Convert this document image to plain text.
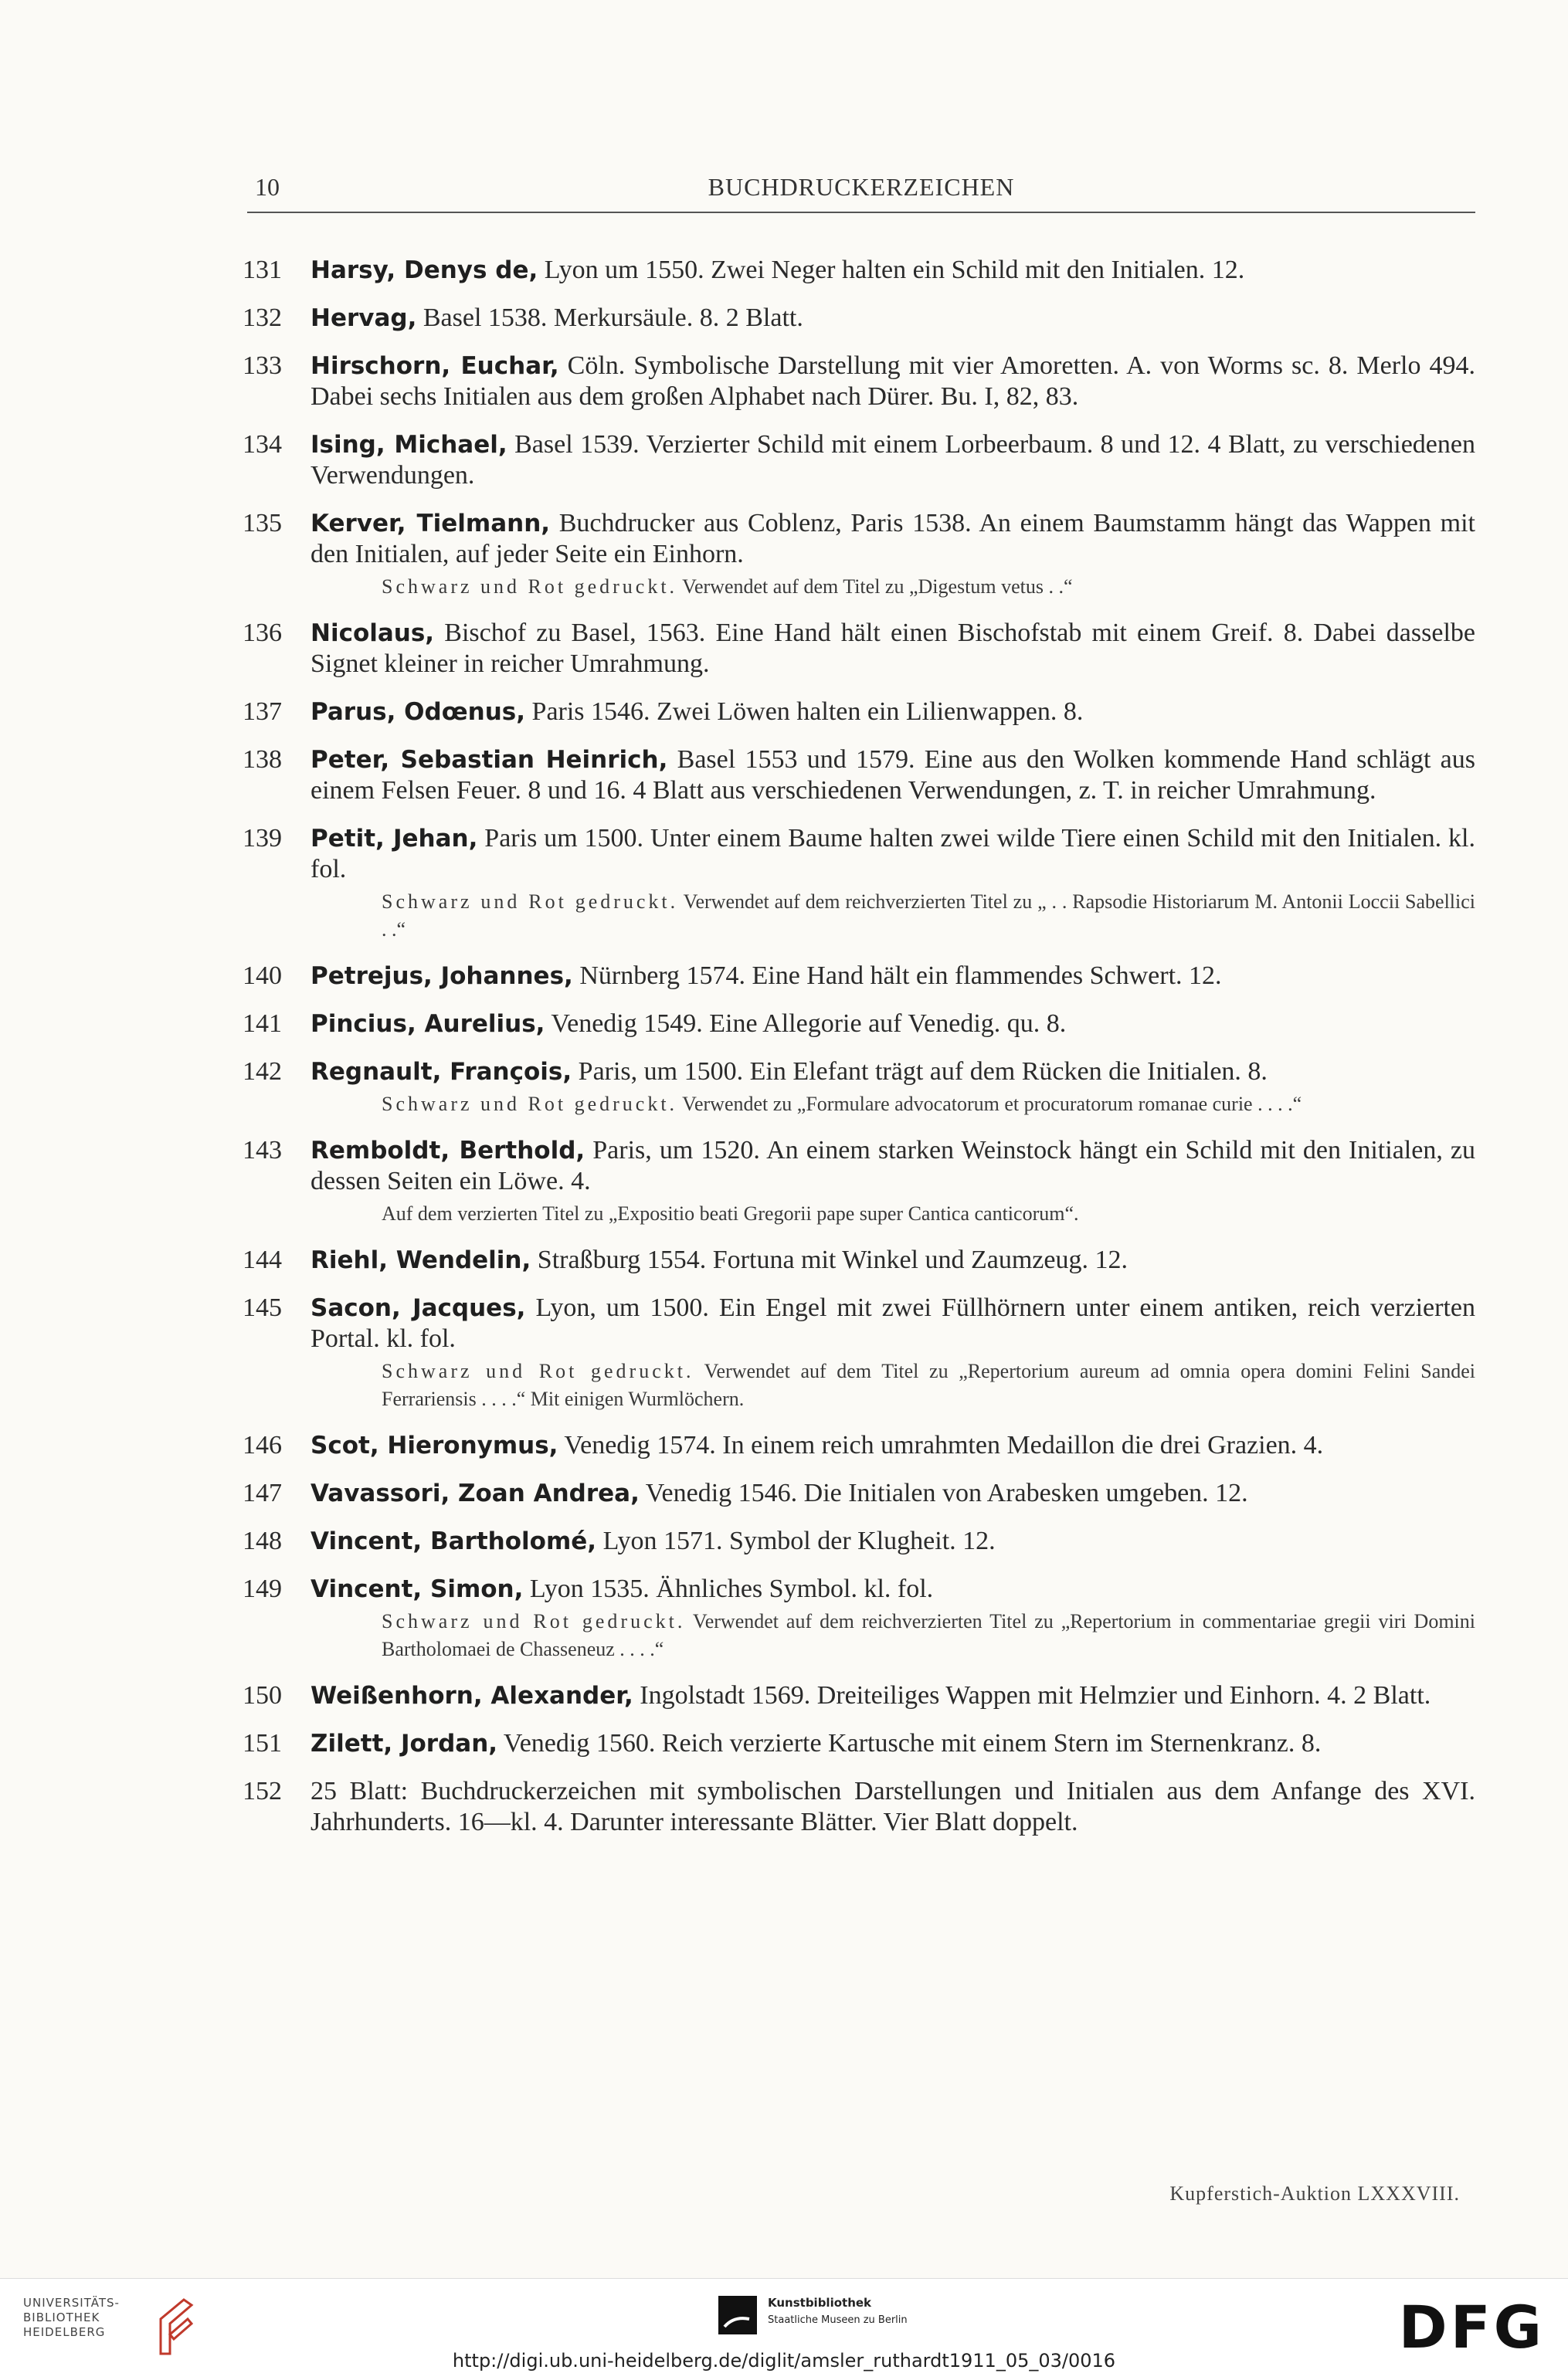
10	BUCHDRUCKERZEICHEN
131 Harsy, Denys de, Lyon um 1550. Zwei Neger halten ein Schild mit den Initialen. 12.
132 Hervag, Basel 1538. Merkursäule. 8. 2 Blatt.
133 Hirschorn, Euchar, Cöln. Symbolische Darstellung mit vier Amoretten. A. von Worms sc. 8. Merlo 494. Dabei sechs Initialen aus dem großen Alphabet nach Dürer. Bu. I, 82, 83.
134 Ising, Michael, Basel 1539. Verzierter Schild mit einem Lorbeerbaum. 8 und 12. 4 Blatt, zu verschiedenen Verwendungen.
135 Kerver, Tielmann, Buchdrucker aus Coblenz, Paris 1538. An einem Baumstamm hängt das Wappen mit den Initialen, auf jeder Seite ein Einhorn.
Schwarz und Rot gedruckt. Verwendet auf dem Titel zu „Digestum vetus . .“
136 Nicolaus, Bischof zu Basel, 1563. Eine Hand hält einen Bischofstab mit einem Greif. 8. Dabei dasselbe Signet kleiner in reicher Umrahmung.
137 Parus, Odœnus, Paris 1546. Zwei Löwen halten ein Lilienwappen. 8.
138 Peter, Sebastian Heinrich, Basel 1553 und 1579. Eine aus den Wolken kommende Hand schlägt aus einem Felsen Feuer. 8 und 16. 4 Blatt aus verschiedenen Verwendungen, z. T. in reicher Umrahmung.
139 Petit, Jehan, Paris um 1500. Unter einem Baume halten zwei wilde Tiere einen Schild mit den Initialen. kl. fol.
Schwarz und Rot gedruckt. Verwendet auf dem reichverzierten Titel zu „ . . Rapsodie Historiarum M. Antonii Loccii Sabellici . .“
140 Petrejus, Johannes, Nürnberg 1574. Eine Hand hält ein flammendes Schwert. 12.
141 Pincius, Aurelius, Venedig 1549. Eine Allegorie auf Venedig. qu. 8.
142 Regnault, François, Paris, um 1500. Ein Elefant trägt auf dem Rücken die Initialen. 8.
Schwarz und Rot gedruckt. Verwendet zu „Formulare advocatorum et procuratorum romanae curie . . . .“
143 Remboldt, Berthold, Paris, um 1520. An einem starken Weinstock hängt ein Schild mit den Initialen, zu dessen Seiten ein Löwe. 4.
Auf dem verzierten Titel zu „Expositio beati Gregorii pape super Cantica canticorum“.
144 Riehl, Wendelin, Straßburg 1554. Fortuna mit Winkel und Zaumzeug. 12.
145 Sacon, Jacques, Lyon, um 1500. Ein Engel mit zwei Füllhörnern unter einem antiken, reich verzierten Portal. kl. fol.
Schwarz und Rot gedruckt. Verwendet auf dem Titel zu „Repertorium aureum ad omnia opera domini Felini Sandei Ferrariensis . . . .“ Mit einigen Wurmlöchern.
146 Scot, Hieronymus, Venedig 1574. In einem reich umrahmten Medaillon die drei Grazien. 4.
147 Vavassori, Zoan Andrea, Venedig 1546. Die Initialen von Arabesken umgeben. 12.
148 Vincent, Bartholomé, Lyon 1571. Symbol der Klugheit. 12.
149 Vincent, Simon, Lyon 1535. Ähnliches Symbol. kl. fol.
Schwarz und Rot gedruckt. Verwendet auf dem reichverzierten Titel zu „Repertorium in commentariae gregii viri Domini Bartholomaei de Chasseneuz . . . .“
150 Weißenhorn, Alexander, Ingolstadt 1569. Dreiteiliges Wappen mit Helmzier und Einhorn. 4. 2 Blatt.
151 Zilett, Jordan, Venedig 1560. Reich verzierte Kartusche mit einem Stern im Sternenkranz. 8.
152 25 Blatt: Buchdruckerzeichen mit symbolischen Darstellungen und Initialen aus dem Anfange des XVI. Jahrhunderts. 16—kl. 4. Darunter interessante Blätter. Vier Blatt doppelt.
Kupferstich-Auktion LXXXVIII.
UNIVERSITÄTS-
BIBLIOTHEK
HEIDELBERG
Kunstbibliothek
Staatliche Museen zu Berlin	DFG
http://digi.ub.uni-heidelberg.de/diglit/amsler_ruthardt1911_05_03/0016
